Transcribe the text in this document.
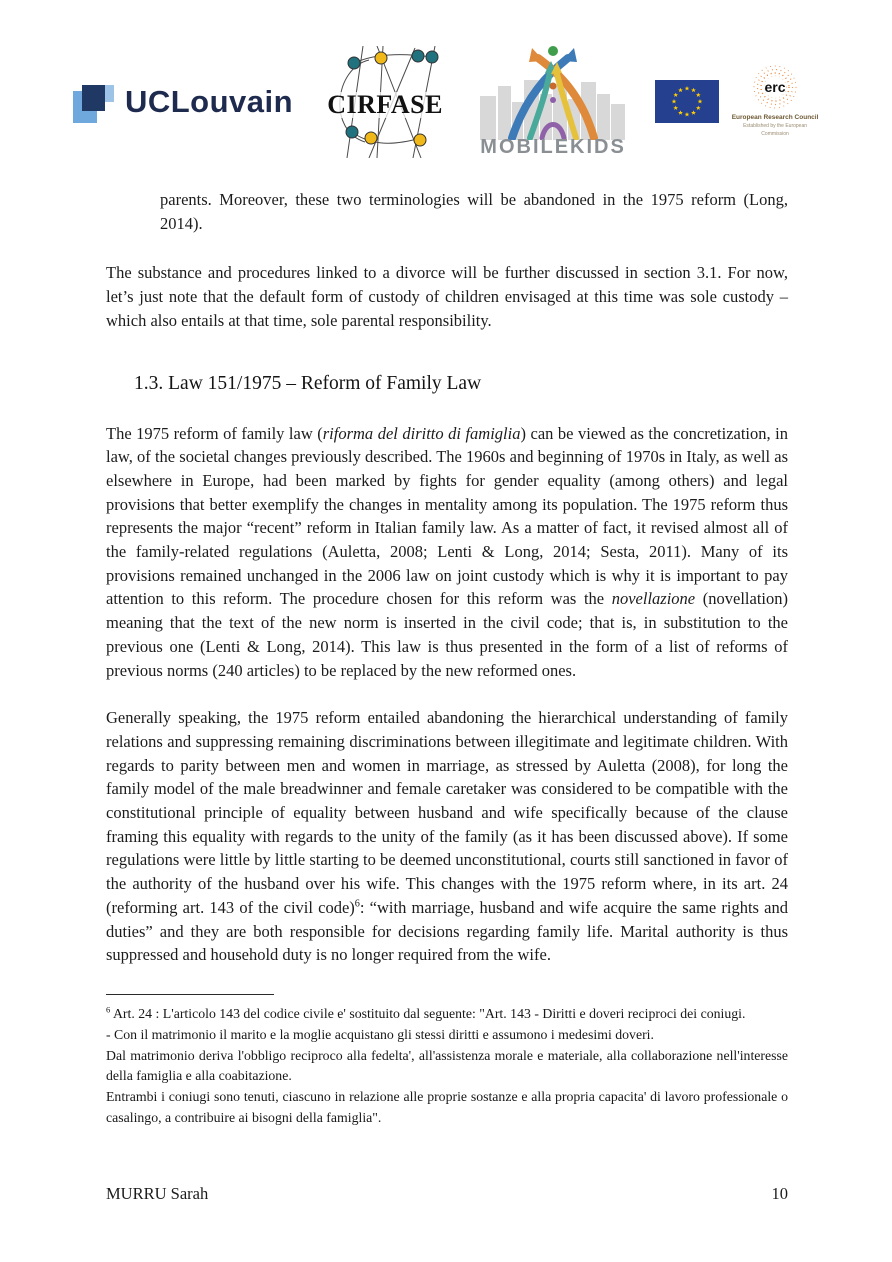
UCLouvain CIRFASE
MOBILEKIDS
erc
European Research Council
Established by the European Commission

parents. Moreover, these two terminologies will be abandoned in the 1975 reform (Long, 2014).

The substance and procedures linked to a divorce will be further discussed in section 3.1. For now, let’s just note that the default form of custody of children envisaged at this time was sole custody – which also entails at that time, sole parental responsibility.

1.3. Law 151/1975 – Reform of Family Law

The 1975 reform of family law (riforma del diritto di famiglia) can be viewed as the concretization, in law, of the societal changes previously described. The 1960s and beginning of 1970s in Italy, as well as elsewhere in Europe, had been marked by fights for gender equality (among others) and legal provisions that better exemplify the changes in mentality among its population. The 1975 reform thus represents the major “recent” reform in Italian family law. As a matter of fact, it revised almost all of the family-related regulations (Auletta, 2008; Lenti & Long, 2014; Sesta, 2011). Many of its provisions remained unchanged in the 2006 law on joint custody which is why it is important to pay attention to this reform. The procedure chosen for this reform was the novellazione (novellation) meaning that the text of the new norm is inserted in the civil code; that is, in substitution to the previous one (Lenti & Long, 2014). This law is thus presented in the form of a list of reforms of previous norms (240 articles) to be replaced by the new reformed ones.

Generally speaking, the 1975 reform entailed abandoning the hierarchical understanding of family relations and suppressing remaining discriminations between illegitimate and legitimate children. With regards to parity between men and women in marriage, as stressed by Auletta (2008), for long the family model of the male breadwinner and female caretaker was considered to be compatible with the constitutional principle of equality between husband and wife specifically because of the clause framing this equality with regards to the unity of the family (as it has been discussed above). If some regulations were little by little starting to be deemed unconstitutional, courts still sanctioned in favor of the authority of the husband over his wife. This changes with the 1975 reform where, in its art. 24 (reforming art. 143 of the civil code)$^6$: “with marriage, husband and wife acquire the same rights and duties” and they are both responsible for decisions regarding family life. Marital authority is thus suppressed and household duty is no longer required from the wife.

$^6$ Art. 24 : L'articolo 143 del codice civile e' sostituito dal seguente: "Art. 143 - Diritti e doveri reciproci dei coniugi.

- Con il matrimonio il marito e la moglie acquistano gli stessi diritti e assumono i medesimi doveri.

Dal matrimonio deriva l'obbligo reciproco alla fedelta', all'assistenza morale e materiale, alla collaborazione nell'interesse della famiglia e alla coabitazione.

Entrambi i coniugi sono tenuti, ciascuno in relazione alle proprie sostanze e alla propria capacita' di lavoro professionale o casalingo, a contribuire ai bisogni della famiglia".

MURRU Sarah	10
